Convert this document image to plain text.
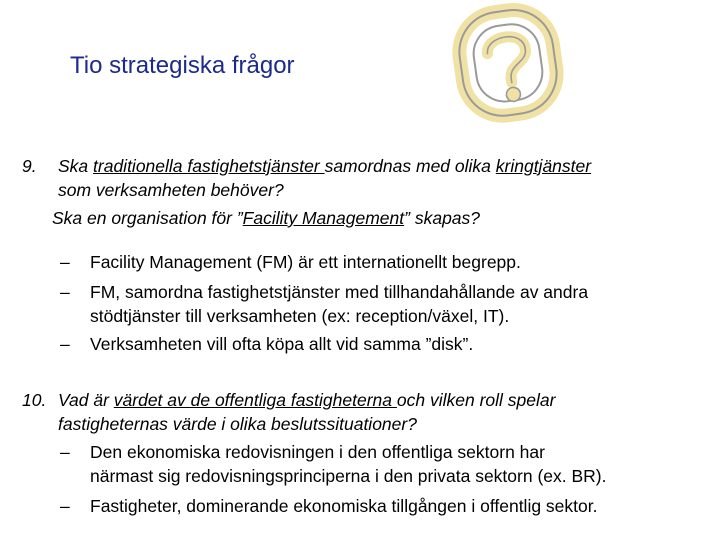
Tio strategiska frågor
9. Ska traditionella fastighetstjänster samordnas med olika kringtjänster
som verksamheten behöver?
Ska en organisation för ”Facility Management” skapas?
– Facility Management (FM) är ett internationellt begrepp.
– FM, samordna fastighetstjänster med tillhandahållande av andra
stödtjänster till verksamheten (ex: reception/växel, IT).
– Verksamheten vill ofta köpa allt vid samma ”disk”.
10. Vad är värdet av de offentliga fastigheterna och vilken roll spelar
fastigheternas värde i olika beslutssituationer?
– Den ekonomiska redovisningen i den offentliga sektorn har
närmast sig redovisningsprinciperna i den privata sektorn (ex. BR).
– Fastigheter, dominerande ekonomiska tillgången i offentlig sektor.
